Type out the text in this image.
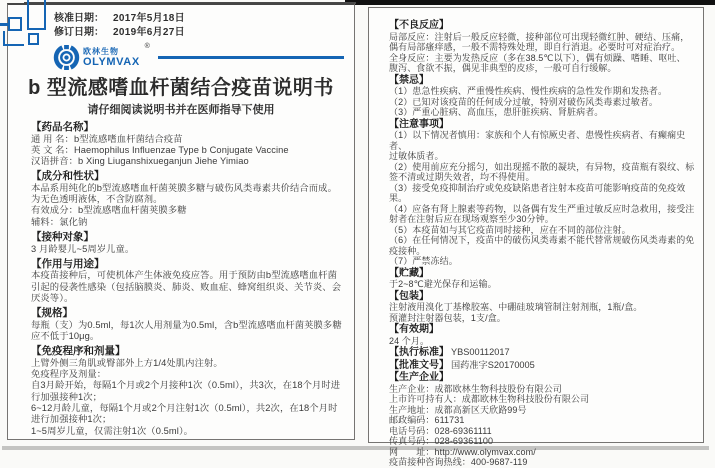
核准日期： 2017年5月18日
修订日期： 2019年6月27日
欧林生物
OLYMVAX
®
b 型流感嗜血杆菌结合疫苗说明书
请仔细阅读说明书并在医师指导下使用
【药品名称】
通 用 名：b型流感嗜血杆菌结合疫苗
英 文 名：Haemophilus Influenzae Type b Conjugate Vaccine
汉语拼音：b Xing Liuganshixueganjun Jiehe Yimiao
【成分和性状】
本品系用纯化的b型流感嗜血杆菌荚膜多糖与破伤风类毒素共价结合而成。
为无色透明液体，不含防腐剂。
有效成分：b型流感嗜血杆菌荚膜多糖
辅料：氯化钠
【接种对象】
3 月龄婴儿~5周岁儿童。
【作用与用途】
本疫苗接种后，可使机体产生体液免疫应答。用于预防由b型流感嗜血杆菌
引起的侵袭性感染（包括脑膜炎、肺炎、败血症、蜂窝组织炎、关节炎、会
厌炎等）。
【规格】
每瓶（支）为0.5ml，每1次人用剂量为0.5ml，含b型流感嗜血杆菌荚膜多糖
应不低于10μg。
【免疫程序和剂量】
上臂外侧三角肌或臀部外上方1/4处肌内注射。
免疫程序及剂量：
自3月龄开始，每隔1个月或2个月接种1次（0.5ml），共3次，在18个月时进
行加强接种1次；
6~12月龄儿童，每隔1个月或2个月注射1次（0.5ml），共2次，在18个月时
进行加强接种1次；
1~5周岁儿童，仅需注射1次（0.5ml）。
【不良反应】
局部反应：注射后一般反应轻微，接种部位可出现轻微红肿、硬结、压痛，
偶有局部瘙痒感，一般不需特殊处理，即自行消退。必要时可对症治疗。
全身反应：主要为发热反应（多在38.5℃以下），偶有烦躁、嗜睡、呕吐、
腹泻、食欲不振，偶见非典型的皮疹，一般可自行缓解。
【禁忌】
（1）患急性疾病、严重慢性疾病、慢性疾病的急性发作期和发热者。
（2）已知对该疫苗的任何成分过敏，特别对破伤风类毒素过敏者。
（3）严重心脏病、高血压，患肝脏疾病、肾脏病者。
【注意事项】
（1）以下情况者慎用：家族和个人有惊厥史者、患慢性疾病者、有癫痫史者、
过敏体质者。
（2）使用前应充分摇匀，如出现摇不散的凝块，有异物，疫苗瓶有裂纹、标
签不清或过期失效者，均不得使用。
（3）接受免疫抑制治疗或免疫缺陷患者注射本疫苗可能影响疫苗的免疫效果。
（4）应备有肾上腺素等药物，以备偶有发生严重过敏反应时急救用，接受注
射者在注射后应在现场观察至少30分钟。
（5）本疫苗如与其它疫苗同时接种，应在不同的部位注射。
（6）在任何情况下，疫苗中的破伤风类毒素不能代替常规破伤风类毒素的免
疫接种。
（7）严禁冻结。
【贮藏】
于2~8℃避光保存和运输。
【包装】
注射液用溴化丁基橡胶塞、中硼硅玻璃管制注射剂瓶，1瓶/盒。
预灌封注射器包装，1支/盒。
【有效期】
24 个月。
【执行标准】 YBS00112017
【批准文号】 国药准字S20170005
【生产企业】
生产企业：成都欧林生物科技股份有限公司
上市许可持有人：成都欧林生物科技股份有限公司
生产地址：成都高新区天欣路99号
邮政编码：611731
电话号码：028-69361111
传真号码：028-69361100
网　　址：http://www.olymvax.com/
疫苗接种咨询热线：400-9687-119
